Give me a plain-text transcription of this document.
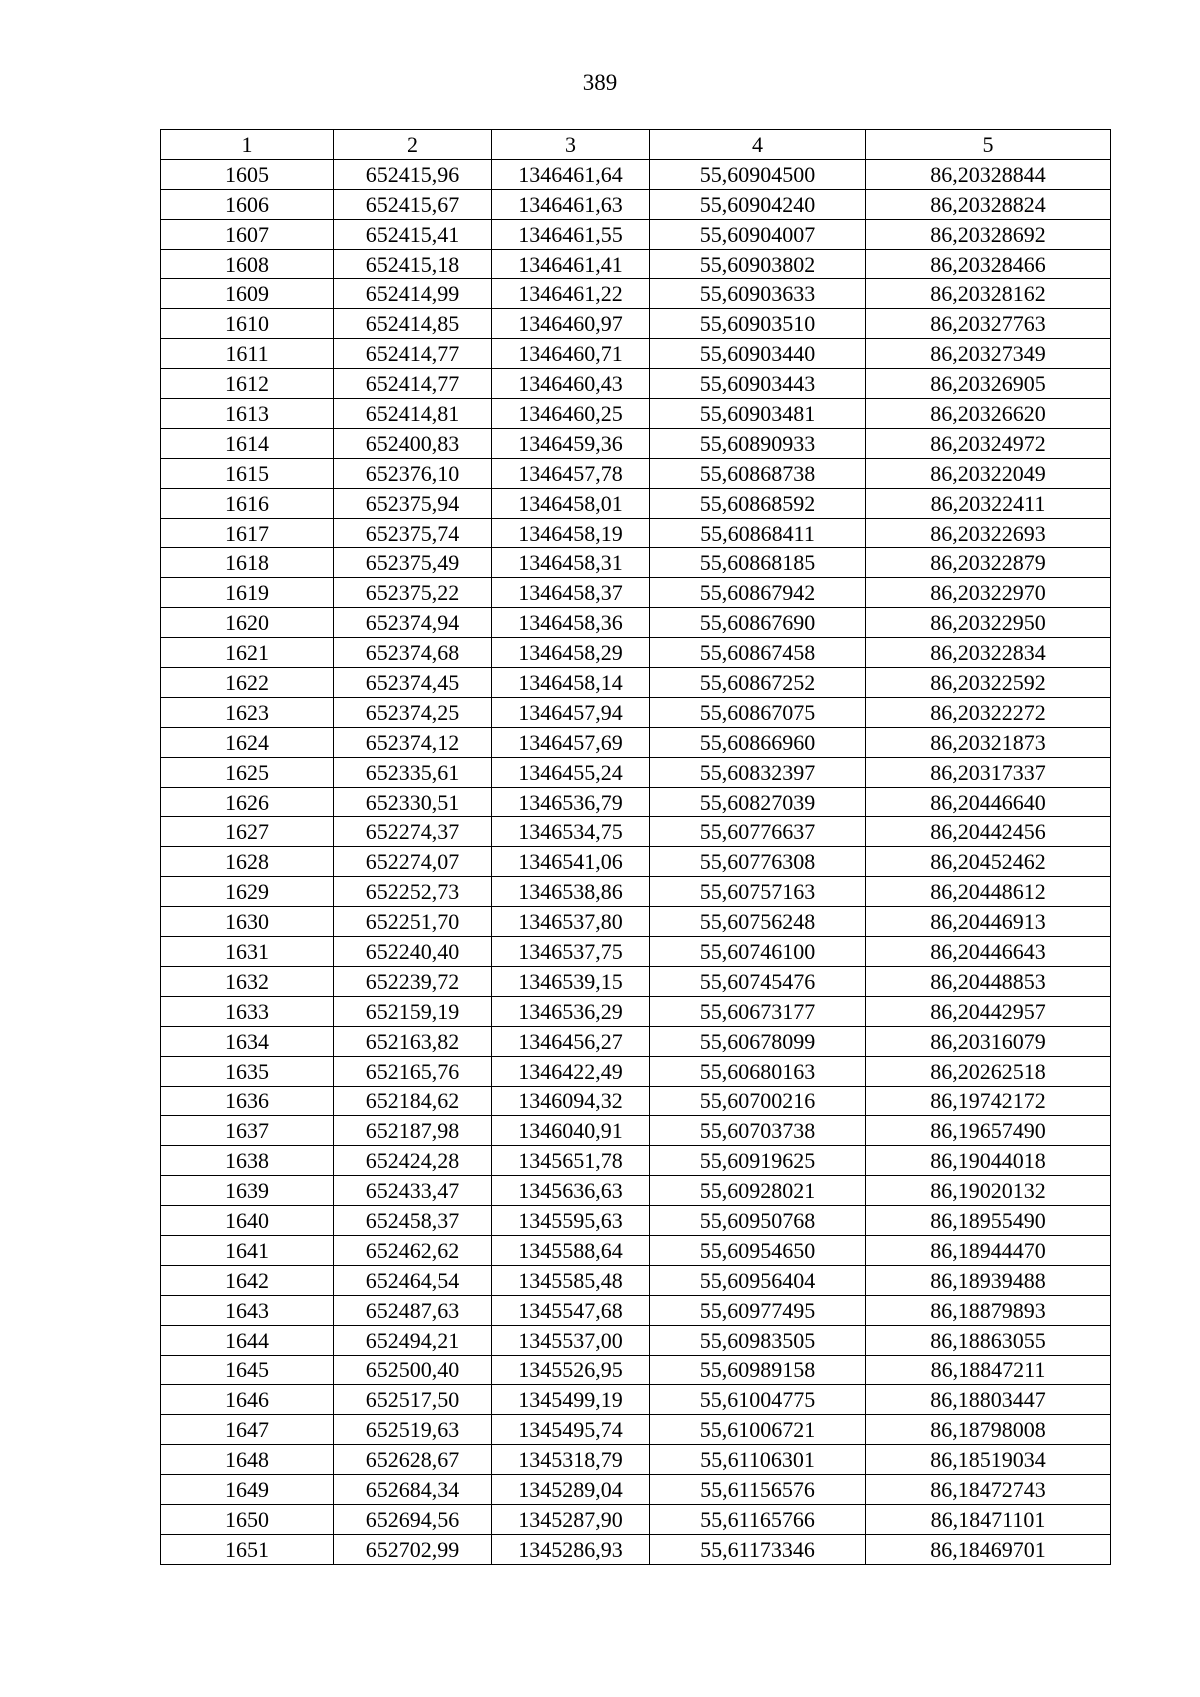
389
1	2	3	4	5
1605	652415,96	1346461,64	55,60904500	86,20328844
1606	652415,67	1346461,63	55,60904240	86,20328824
1607	652415,41	1346461,55	55,60904007	86,20328692
1608	652415,18	1346461,41	55,60903802	86,20328466
1609	652414,99	1346461,22	55,60903633	86,20328162
1610	652414,85	1346460,97	55,60903510	86,20327763
1611	652414,77	1346460,71	55,60903440	86,20327349
1612	652414,77	1346460,43	55,60903443	86,20326905
1613	652414,81	1346460,25	55,60903481	86,20326620
1614	652400,83	1346459,36	55,60890933	86,20324972
1615	652376,10	1346457,78	55,60868738	86,20322049
1616	652375,94	1346458,01	55,60868592	86,20322411
1617	652375,74	1346458,19	55,60868411	86,20322693
1618	652375,49	1346458,31	55,60868185	86,20322879
1619	652375,22	1346458,37	55,60867942	86,20322970
1620	652374,94	1346458,36	55,60867690	86,20322950
1621	652374,68	1346458,29	55,60867458	86,20322834
1622	652374,45	1346458,14	55,60867252	86,20322592
1623	652374,25	1346457,94	55,60867075	86,20322272
1624	652374,12	1346457,69	55,60866960	86,20321873
1625	652335,61	1346455,24	55,60832397	86,20317337
1626	652330,51	1346536,79	55,60827039	86,20446640
1627	652274,37	1346534,75	55,60776637	86,20442456
1628	652274,07	1346541,06	55,60776308	86,20452462
1629	652252,73	1346538,86	55,60757163	86,20448612
1630	652251,70	1346537,80	55,60756248	86,20446913
1631	652240,40	1346537,75	55,60746100	86,20446643
1632	652239,72	1346539,15	55,60745476	86,20448853
1633	652159,19	1346536,29	55,60673177	86,20442957
1634	652163,82	1346456,27	55,60678099	86,20316079
1635	652165,76	1346422,49	55,60680163	86,20262518
1636	652184,62	1346094,32	55,60700216	86,19742172
1637	652187,98	1346040,91	55,60703738	86,19657490
1638	652424,28	1345651,78	55,60919625	86,19044018
1639	652433,47	1345636,63	55,60928021	86,19020132
1640	652458,37	1345595,63	55,60950768	86,18955490
1641	652462,62	1345588,64	55,60954650	86,18944470
1642	652464,54	1345585,48	55,60956404	86,18939488
1643	652487,63	1345547,68	55,60977495	86,18879893
1644	652494,21	1345537,00	55,60983505	86,18863055
1645	652500,40	1345526,95	55,60989158	86,18847211
1646	652517,50	1345499,19	55,61004775	86,18803447
1647	652519,63	1345495,74	55,61006721	86,18798008
1648	652628,67	1345318,79	55,61106301	86,18519034
1649	652684,34	1345289,04	55,61156576	86,18472743
1650	652694,56	1345287,90	55,61165766	86,18471101
1651	652702,99	1345286,93	55,61173346	86,18469701
